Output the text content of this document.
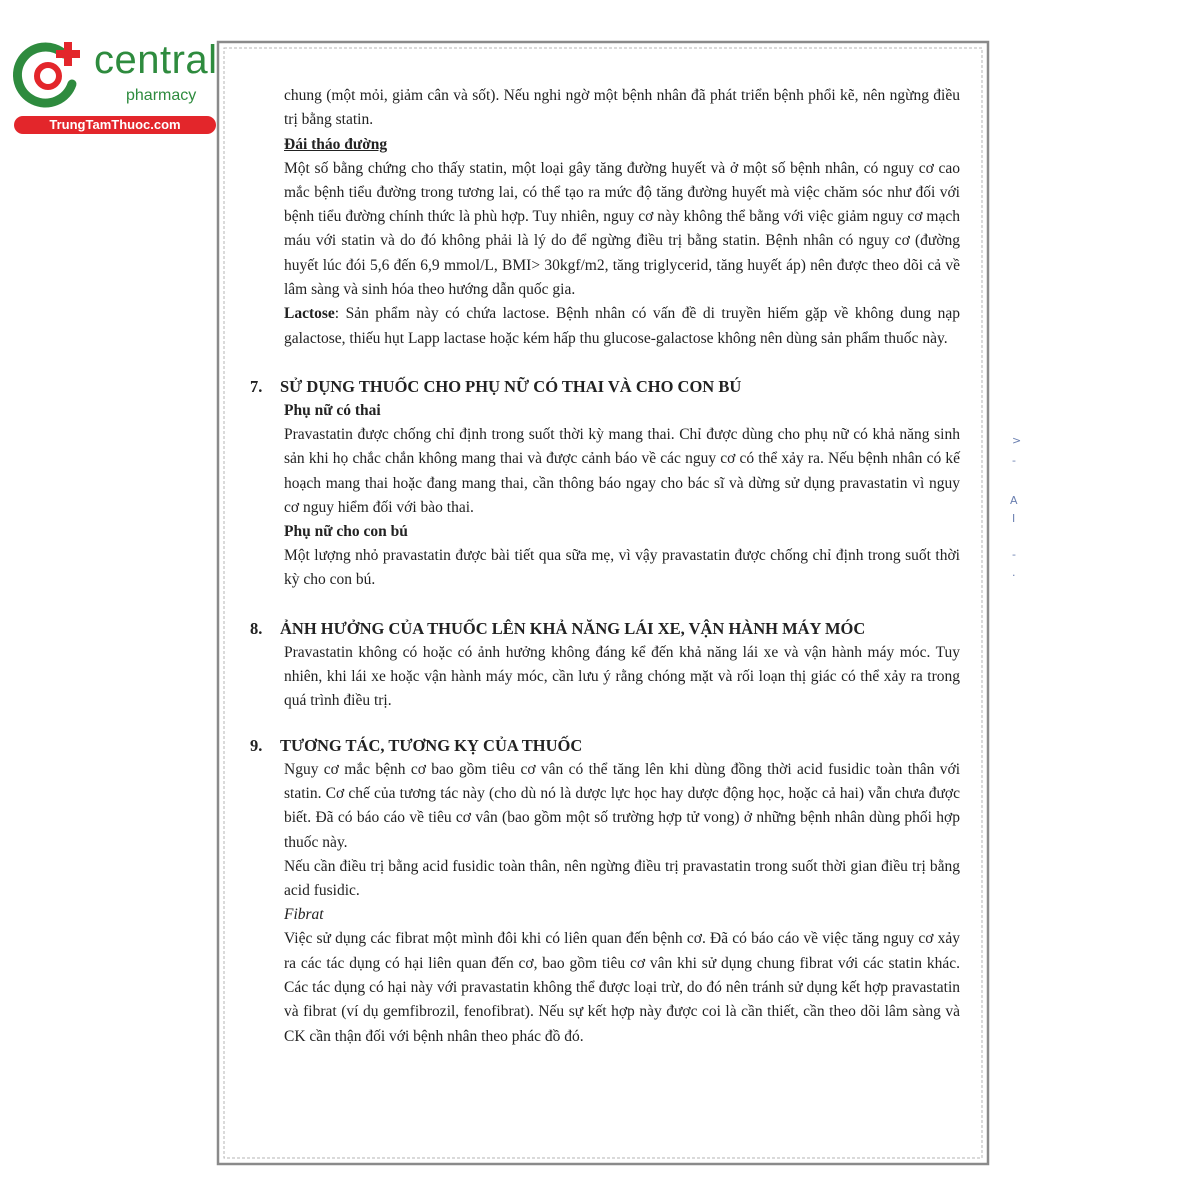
central
pharmacy
TrungTamThuoc.com
>
-
A
I
-
.

chung (một mỏi, giảm cân và sốt). Nếu nghi ngờ một bệnh nhân đã phát triển bệnh phổi kẽ, nên ngừng điều trị bằng statin.

Đái tháo đường

Một số bằng chứng cho thấy statin, một loại gây tăng đường huyết và ở một số bệnh nhân, có nguy cơ cao mắc bệnh tiểu đường trong tương lai, có thể tạo ra mức độ tăng đường huyết mà việc chăm sóc như đối với bệnh tiểu đường chính thức là phù hợp. Tuy nhiên, nguy cơ này không thể bằng với việc giảm nguy cơ mạch máu với statin và do đó không phải là lý do để ngừng điều trị bằng statin. Bệnh nhân có nguy cơ (đường huyết lúc đói 5,6 đến 6,9 mmol/L, BMI> 30kgf/m2, tăng triglycerid, tăng huyết áp) nên được theo dõi cả về lâm sàng và sinh hóa theo hướng dẫn quốc gia.

Lactose: Sản phẩm này có chứa lactose. Bệnh nhân có vấn đề di truyền hiếm gặp về không dung nạp galactose, thiếu hụt Lapp lactase hoặc kém hấp thu glucose-galactose không nên dùng sản phẩm thuốc này.

7.	SỬ DỤNG THUỐC CHO PHỤ NỮ CÓ THAI VÀ CHO CON BÚ

Phụ nữ có thai

Pravastatin được chống chỉ định trong suốt thời kỳ mang thai. Chỉ được dùng cho phụ nữ có khả năng sinh sản khi họ chắc chắn không mang thai và được cảnh báo về các nguy cơ có thể xảy ra. Nếu bệnh nhân có kế hoạch mang thai hoặc đang mang thai, cần thông báo ngay cho bác sĩ và dừng sử dụng pravastatin vì nguy cơ nguy hiểm đối với bào thai.

Phụ nữ cho con bú

Một lượng nhỏ pravastatin được bài tiết qua sữa mẹ, vì vậy pravastatin được chống chỉ định trong suốt thời kỳ cho con bú.

8.	ẢNH HƯỞNG CỦA THUỐC LÊN KHẢ NĂNG LÁI XE, VẬN HÀNH MÁY MÓC

Pravastatin không có hoặc có ảnh hưởng không đáng kể đến khả năng lái xe và vận hành máy móc. Tuy nhiên, khi lái xe hoặc vận hành máy móc, cần lưu ý rằng chóng mặt và rối loạn thị giác có thể xảy ra trong quá trình điều trị.

9.	TƯƠNG TÁC, TƯƠNG KỴ CỦA THUỐC

Nguy cơ mắc bệnh cơ bao gồm tiêu cơ vân có thể tăng lên khi dùng đồng thời acid fusidic toàn thân với statin. Cơ chế của tương tác này (cho dù nó là dược lực học hay dược động học, hoặc cả hai) vẫn chưa được biết. Đã có báo cáo về tiêu cơ vân (bao gồm một số trường hợp tử vong) ở những bệnh nhân dùng phối hợp thuốc này.

Nếu cần điều trị bằng acid fusidic toàn thân, nên ngừng điều trị pravastatin trong suốt thời gian điều trị bằng acid fusidic.

Fibrat

Việc sử dụng các fibrat một mình đôi khi có liên quan đến bệnh cơ. Đã có báo cáo về việc tăng nguy cơ xảy ra các tác dụng có hại liên quan đến cơ, bao gồm tiêu cơ vân khi sử dụng chung fibrat với các statin khác. Các tác dụng có hại này với pravastatin không thể được loại trừ, do đó nên tránh sử dụng kết hợp pravastatin và fibrat (ví dụ gemfibrozil, fenofibrat). Nếu sự kết hợp này được coi là cần thiết, cần theo dõi lâm sàng và CK cần thận đối với bệnh nhân theo phác đồ đó.
